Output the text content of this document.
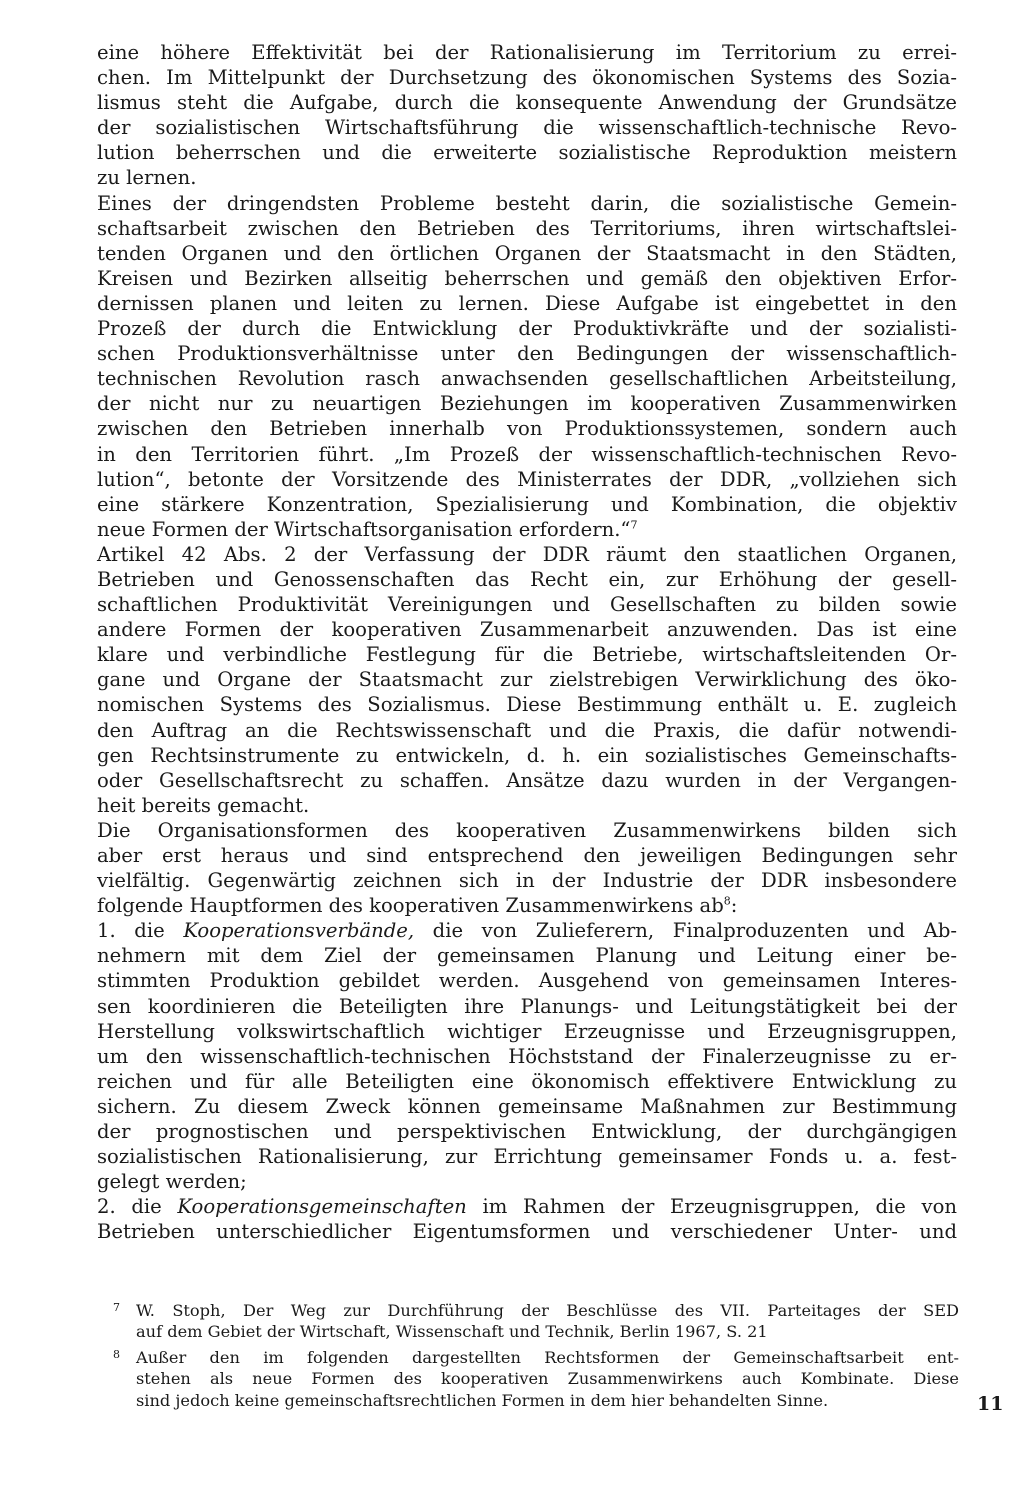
eine höhere Effektivität bei der Rationalisierung im Territorium zu errei-
chen. Im Mittelpunkt der Durchsetzung des ökonomischen Systems des Sozia-
lismus steht die Aufgabe, durch die konsequente Anwendung der Grundsätze
der sozialistischen Wirtschaftsführung die wissenschaftlich-technische Revo-
lution beherrschen und die erweiterte sozialistische Reproduktion meistern
zu lernen.
Eines der dringendsten Probleme besteht darin, die sozialistische Gemein-
schaftsarbeit zwischen den Betrieben des Territoriums, ihren wirtschaftslei-
tenden Organen und den örtlichen Organen der Staatsmacht in den Städten,
Kreisen und Bezirken allseitig beherrschen und gemäß den objektiven Erfor-
dernissen planen und leiten zu lernen. Diese Aufgabe ist eingebettet in den
Prozeß der durch die Entwicklung der Produktivkräfte und der sozialisti-
schen Produktionsverhältnisse unter den Bedingungen der wissenschaftlich-
technischen Revolution rasch anwachsenden gesellschaftlichen Arbeitsteilung,
der nicht nur zu neuartigen Beziehungen im kooperativen Zusammenwirken
zwischen den Betrieben innerhalb von Produktionssystemen, sondern auch
in den Territorien führt. „Im Prozeß der wissenschaftlich-technischen Revo-
lution“, betonte der Vorsitzende des Ministerrates der DDR, „vollziehen sich
eine stärkere Konzentration, Spezialisierung und Kombination, die objektiv
neue Formen der Wirtschaftsorganisation erfordern.“$^7$
Artikel 42 Abs. 2 der Verfassung der DDR räumt den staatlichen Organen,
Betrieben und Genossenschaften das Recht ein, zur Erhöhung der gesell-
schaftlichen Produktivität Vereinigungen und Gesellschaften zu bilden sowie
andere Formen der kooperativen Zusammenarbeit anzuwenden. Das ist eine
klare und verbindliche Festlegung für die Betriebe, wirtschaftsleitenden Or-
gane und Organe der Staatsmacht zur zielstrebigen Verwirklichung des öko-
nomischen Systems des Sozialismus. Diese Bestimmung enthält u. E. zugleich
den Auftrag an die Rechtswissenschaft und die Praxis, die dafür notwendi-
gen Rechtsinstrumente zu entwickeln, d. h. ein sozialistisches Gemeinschafts-
oder Gesellschaftsrecht zu schaffen. Ansätze dazu wurden in der Vergangen-
heit bereits gemacht.
Die Organisationsformen des kooperativen Zusammenwirkens bilden sich
aber erst heraus und sind entsprechend den jeweiligen Bedingungen sehr
vielfältig. Gegenwärtig zeichnen sich in der Industrie der DDR insbesondere
folgende Hauptformen des kooperativen Zusammenwirkens $ab^8$:
1. die Kooperationsverbände, die von Zulieferern, Finalproduzenten und Ab-
nehmern mit dem Ziel der gemeinsamen Planung und Leitung einer be-
stimmten Produktion gebildet werden. Ausgehend von gemeinsamen Interes-
sen koordinieren die Beteiligten ihre Planungs- und Leitungstätigkeit bei der
Herstellung volkswirtschaftlich wichtiger Erzeugnisse und Erzeugnisgruppen,
um den wissenschaftlich-technischen Höchststand der Finalerzeugnisse zu er-
reichen und für alle Beteiligten eine ökonomisch effektivere Entwicklung zu
sichern. Zu diesem Zweck können gemeinsame Maßnahmen zur Bestimmung
der prognostischen und perspektivischen Entwicklung, der durchgängigen
sozialistischen Rationalisierung, zur Errichtung gemeinsamer Fonds u. a. fest-
gelegt werden;
2. die Kooperationsgemeinschaften im Rahmen der Erzeugnisgruppen, die von
Betrieben unterschiedlicher Eigentumsformen und verschiedener Unter- und
7 W. Stoph, Der Weg zur Durchführung der Beschlüsse des VII. Parteitages der SED
auf dem Gebiet der Wirtschaft, Wissenschaft und Technik, Berlin 1967, S. 21
8 Außer den im folgenden dargestellten Rechtsformen der Gemeinschaftsarbeit ent-
stehen als neue Formen des kooperativen Zusammenwirkens auch Kombinate. Diese
sind jedoch keine gemeinschaftsrechtlichen Formen in dem hier behandelten Sinne.	11
